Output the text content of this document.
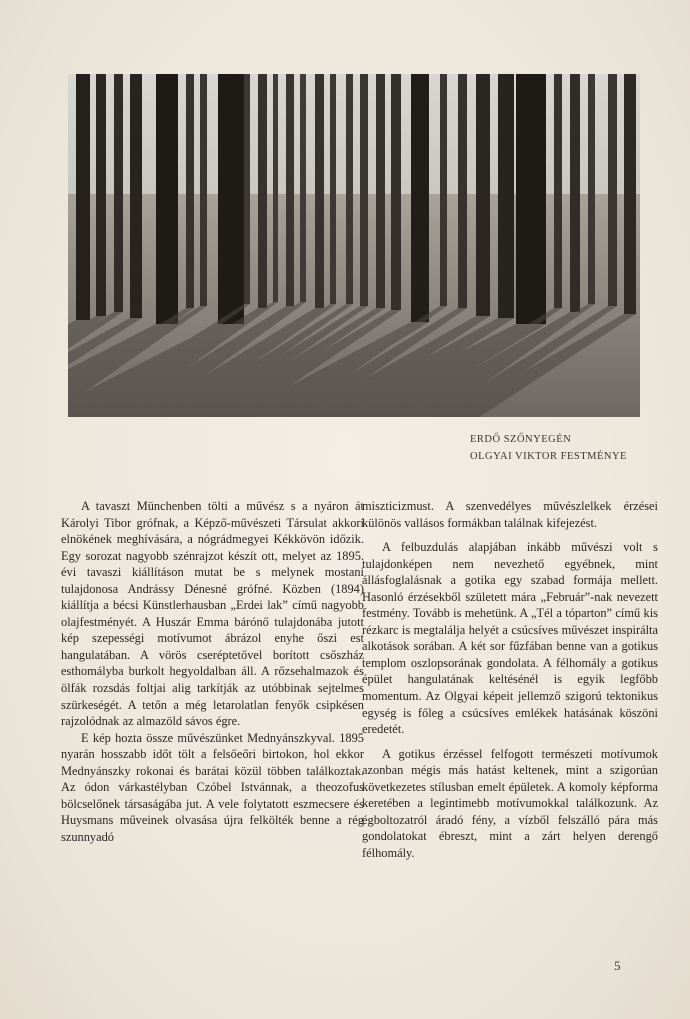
ERDŐ SZŐNYEGÉN
OLGYAI VIKTOR FESTMÉNYE

A tavaszt Münchenben tölti a művész s a nyáron át Károlyi Tibor grófnak, a Képző-művészeti Társulat akkori elnökének meghívására, a nógrádmegyei Kékkövön időzik. Egy sorozat nagyobb szénrajzot készít ott, melyet az 1895. évi tavaszi kiállításon mutat be s melynek mostani tulajdonosa Andrássy Dénesné grófné. Közben (1894) kiállítja a bécsi Künstlerhausban „Erdei lak” című nagyobb olajfestményét. A Huszár Emma bárónő tulajdonába jutott kép szepességi motívumot ábrázol enyhe őszi est hangulatában. A vörös cseréptetővel borított csőszház esthomályba burkolt hegyoldalban áll. A rőzsehalmazok és ölfák rozsdás foltjai alig tarkítják az utóbbinak sejtelmes szürkeségét. A tetőn a még letarolatlan fenyők csipkésen rajzolódnak az almazöld sávos égre.

E kép hozta össze művészünket Mednyánszkyval. 1895 nyarán hosszabb időt tölt a felsőeőri birtokon, hol ekkor Mednyánszky rokonai és barátai közül többen találkoztak. Az ódon várkastélyban Czóbel Istvánnak, a theozofus bölcselőnek társaságába jut. A vele folytatott eszmecsere és Huysmans műveinek olvasása újra felkölték benne a rég szunnyadó

miszticizmust. A szenvedélyes művészlelkek érzései különös vallásos formákban találnak kifejezést.

A felbuzdulás alapjában inkább művészi volt s tulajdonképen nem nevezhető egyébnek, mint állásfoglalásnak a gotika egy szabad formája mellett. Hasonló érzésekből született mára „Február”-nak nevezett festmény. Tovább is mehetünk. A „Tél a tóparton” című kis rézkarc is megtalálja helyét a csúcsíves művészet inspirálta alkotások sorában. A két sor fűzfában benne van a gotikus templom oszlopsorának gondolata. A félhomály a gotikus épület hangulatának keltésénél is egyik legfőbb momentum. Az Olgyai képeit jellemző szigorú tektonikus egység is főleg a csúcsíves emlékek hatásának köszöni eredetét.

A gotikus érzéssel felfogott természeti motívumok azonban mégis más hatást keltenek, mint a szigorúan következetes stílusban emelt épületek. A komoly képforma keretében a legintimebb motívumokkal találkozunk. Az égboltozatról áradó fény, a vízből felszálló pára más gondolatokat ébreszt, mint a zárt helyen derengő félhomály.

5
